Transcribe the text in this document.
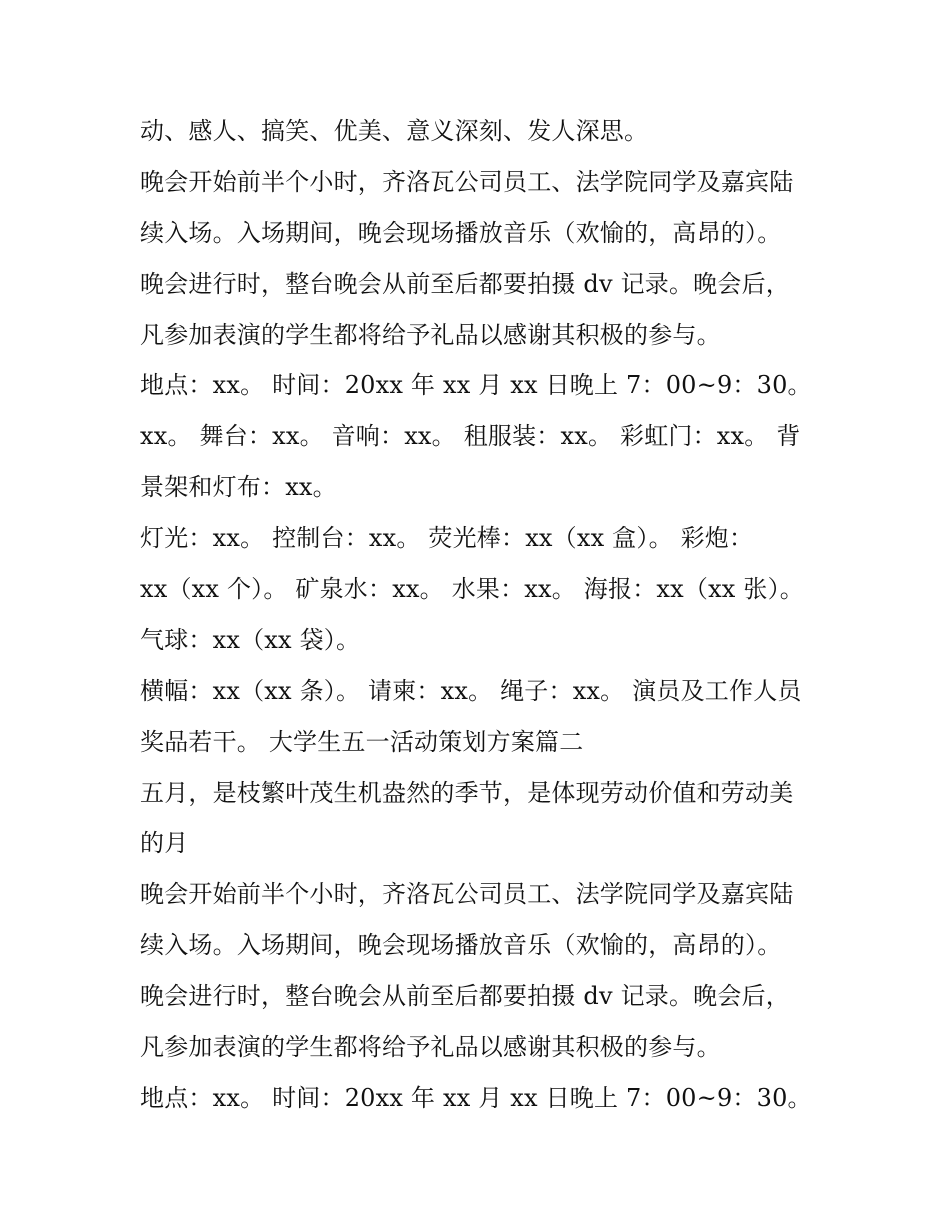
动、感人、搞笑、优美、意义深刻、发人深思。
晚会开始前半个小时，齐洛瓦公司员工、法学院同学及嘉宾陆
续入场。入场期间，晚会现场播放音乐（欢愉的，高昂的）。
晚会进行时，整台晚会从前至后都要拍摄 dv 记录。晚会后，
凡参加表演的学生都将给予礼品以感谢其积极的参与。
地点：xx。 时间：20xx 年 xx 月 xx 日晚上 7：00~9：30。
xx。 舞台：xx。 音响：xx。 租服装：xx。 彩虹门：xx。 背
景架和灯布：xx。
灯光：xx。 控制台：xx。 荧光棒：xx（xx 盒）。 彩炮：
xx（xx 个）。 矿泉水：xx。 水果：xx。 海报：xx（xx 张）。
气球：xx（xx 袋）。
横幅：xx（xx 条）。 请柬：xx。 绳子：xx。 演员及工作人员
奖品若干。 大学生五一活动策划方案篇二
五月，是枝繁叶茂生机盎然的季节，是体现劳动价值和劳动美
的月
晚会开始前半个小时，齐洛瓦公司员工、法学院同学及嘉宾陆
续入场。入场期间，晚会现场播放音乐（欢愉的，高昂的）。
晚会进行时，整台晚会从前至后都要拍摄 dv 记录。晚会后，
凡参加表演的学生都将给予礼品以感谢其积极的参与。
地点：xx。 时间：20xx 年 xx 月 xx 日晚上 7：00~9：30。
